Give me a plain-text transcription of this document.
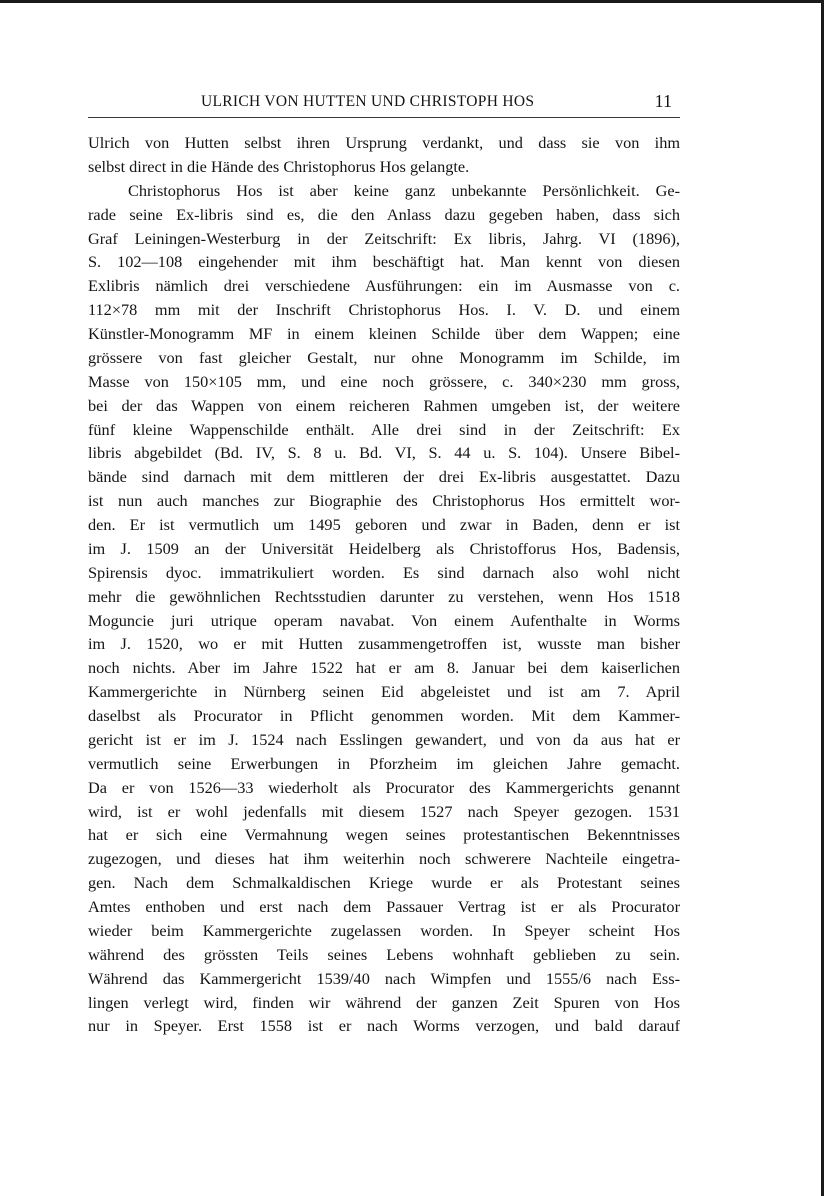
ULRICH VON HUTTEN UND CHRISTOPH HOS	11
Ulrich von Hutten selbst ihren Ursprung verdankt, und dass sie von ihm
selbst direct in die Hände des Christophorus Hos gelangte.
Christophorus Hos ist aber keine ganz unbekannte Persönlichkeit. Ge-
rade seine Ex-libris sind es, die den Anlass dazu gegeben haben, dass sich
Graf Leiningen-Westerburg in der Zeitschrift: Ex libris, Jahrg. VI (1896),
S. 102—108 eingehender mit ihm beschäftigt hat. Man kennt von diesen
Exlibris nämlich drei verschiedene Ausführungen: ein im Ausmasse von c.
112×78 mm mit der Inschrift Christophorus Hos. I. V. D. und einem
Künstler-Monogramm MF in einem kleinen Schilde über dem Wappen; eine
grössere von fast gleicher Gestalt, nur ohne Monogramm im Schilde, im
Masse von 150×105 mm, und eine noch grössere, c. 340×230 mm gross,
bei der das Wappen von einem reicheren Rahmen umgeben ist, der weitere
fünf kleine Wappenschilde enthält. Alle drei sind in der Zeitschrift: Ex
libris abgebildet (Bd. IV, S. 8 u. Bd. VI, S. 44 u. S. 104). Unsere Bibel-
bände sind darnach mit dem mittleren der drei Ex-libris ausgestattet. Dazu
ist nun auch manches zur Biographie des Christophorus Hos ermittelt wor-
den. Er ist vermutlich um 1495 geboren und zwar in Baden, denn er ist
im J. 1509 an der Universität Heidelberg als Christofforus Hos, Badensis,
Spirensis dyoc. immatrikuliert worden. Es sind darnach also wohl nicht
mehr die gewöhnlichen Rechtsstudien darunter zu verstehen, wenn Hos 1518
Moguncie juri utrique operam navabat. Von einem Aufenthalte in Worms
im J. 1520, wo er mit Hutten zusammengetroffen ist, wusste man bisher
noch nichts. Aber im Jahre 1522 hat er am 8. Januar bei dem kaiserlichen
Kammergerichte in Nürnberg seinen Eid abgeleistet und ist am 7. April
daselbst als Procurator in Pflicht genommen worden. Mit dem Kammer-
gericht ist er im J. 1524 nach Esslingen gewandert, und von da aus hat er
vermutlich seine Erwerbungen in Pforzheim im gleichen Jahre gemacht.
Da er von 1526—33 wiederholt als Procurator des Kammergerichts genannt
wird, ist er wohl jedenfalls mit diesem 1527 nach Speyer gezogen. 1531
hat er sich eine Vermahnung wegen seines protestantischen Bekenntnisses
zugezogen, und dieses hat ihm weiterhin noch schwerere Nachteile eingetra-
gen. Nach dem Schmalkaldischen Kriege wurde er als Protestant seines
Amtes enthoben und erst nach dem Passauer Vertrag ist er als Procurator
wieder beim Kammergerichte zugelassen worden. In Speyer scheint Hos
während des grössten Teils seines Lebens wohnhaft geblieben zu sein.
Während das Kammergericht 1539/40 nach Wimpfen und 1555/6 nach Ess-
lingen verlegt wird, finden wir während der ganzen Zeit Spuren von Hos
nur in Speyer. Erst 1558 ist er nach Worms verzogen, und bald darauf
